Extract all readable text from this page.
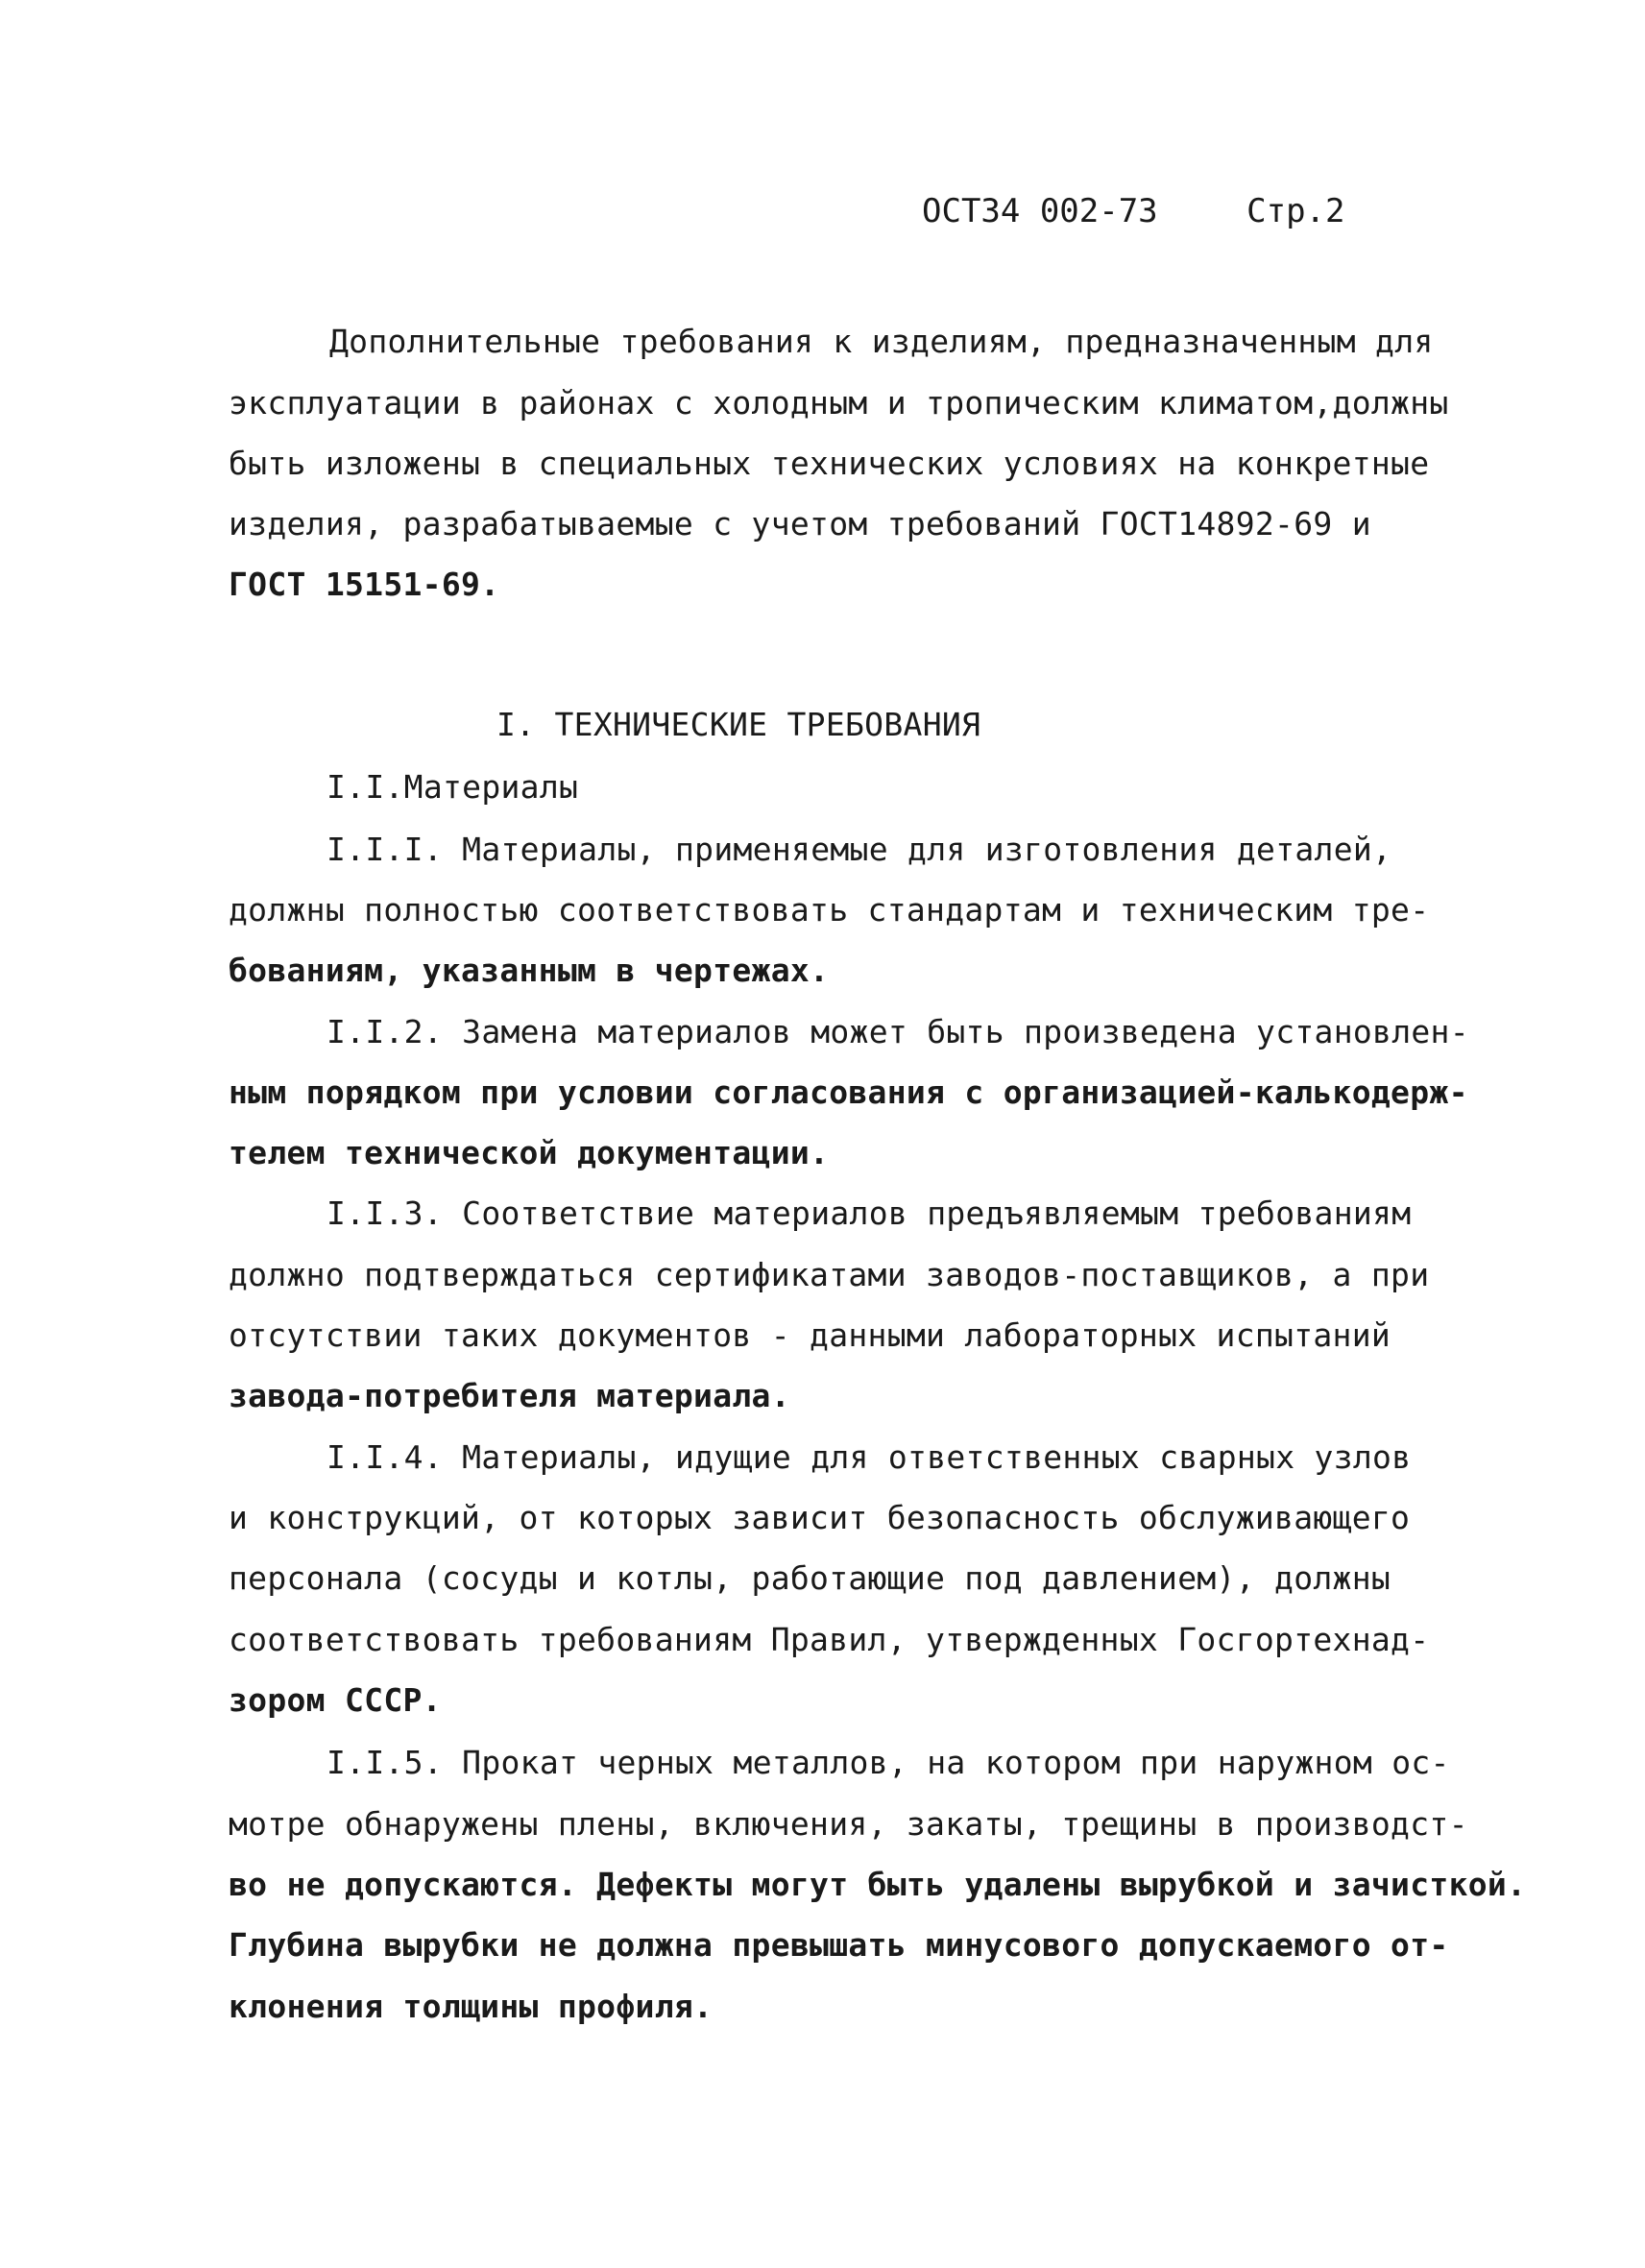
ОСТ34 002-73	Стр.2
Дополнительные требования к изделиям, предназначенным для
эксплуатации в районах с холодным и тропическим климатом,должны
быть изложены в специальных технических условиях на конкретные
изделия, разрабатываемые с учетом требований ГОСТ14892-69 и
ГОСТ 15151-69.
I. ТЕХНИЧЕСКИЕ ТРЕБОВАНИЯ
I.I.Материалы
I.I.I. Материалы, применяемые для изготовления деталей,
должны полностью соответствовать стандартам и техническим тре-
бованиям, указанным в чертежах.
I.I.2. Замена материалов может быть произведена установлен-
ным порядком при условии согласования с организацией-калькодерж-
телем технической документации.
I.I.3. Соответствие материалов предъявляемым требованиям
должно подтверждаться сертификатами заводов-поставщиков, а при
отсутствии таких документов - данными лабораторных испытаний
завода-потребителя материала.
I.I.4. Материалы, идущие для ответственных сварных узлов
и конструкций, от которых зависит безопасность обслуживающего
персонала (сосуды и котлы, работающие под давлением), должны
соответствовать требованиям Правил, утвержденных Госгортехнад-
зором СССР.
I.I.5. Прокат черных металлов, на котором при наружном ос-
мотре обнаружены плены, включения, закаты, трещины в производст-
во не допускаются. Дефекты могут быть удалены вырубкой и зачисткой.
Глубина вырубки не должна превышать минусового допускаемого от-
клонения толщины профиля.
